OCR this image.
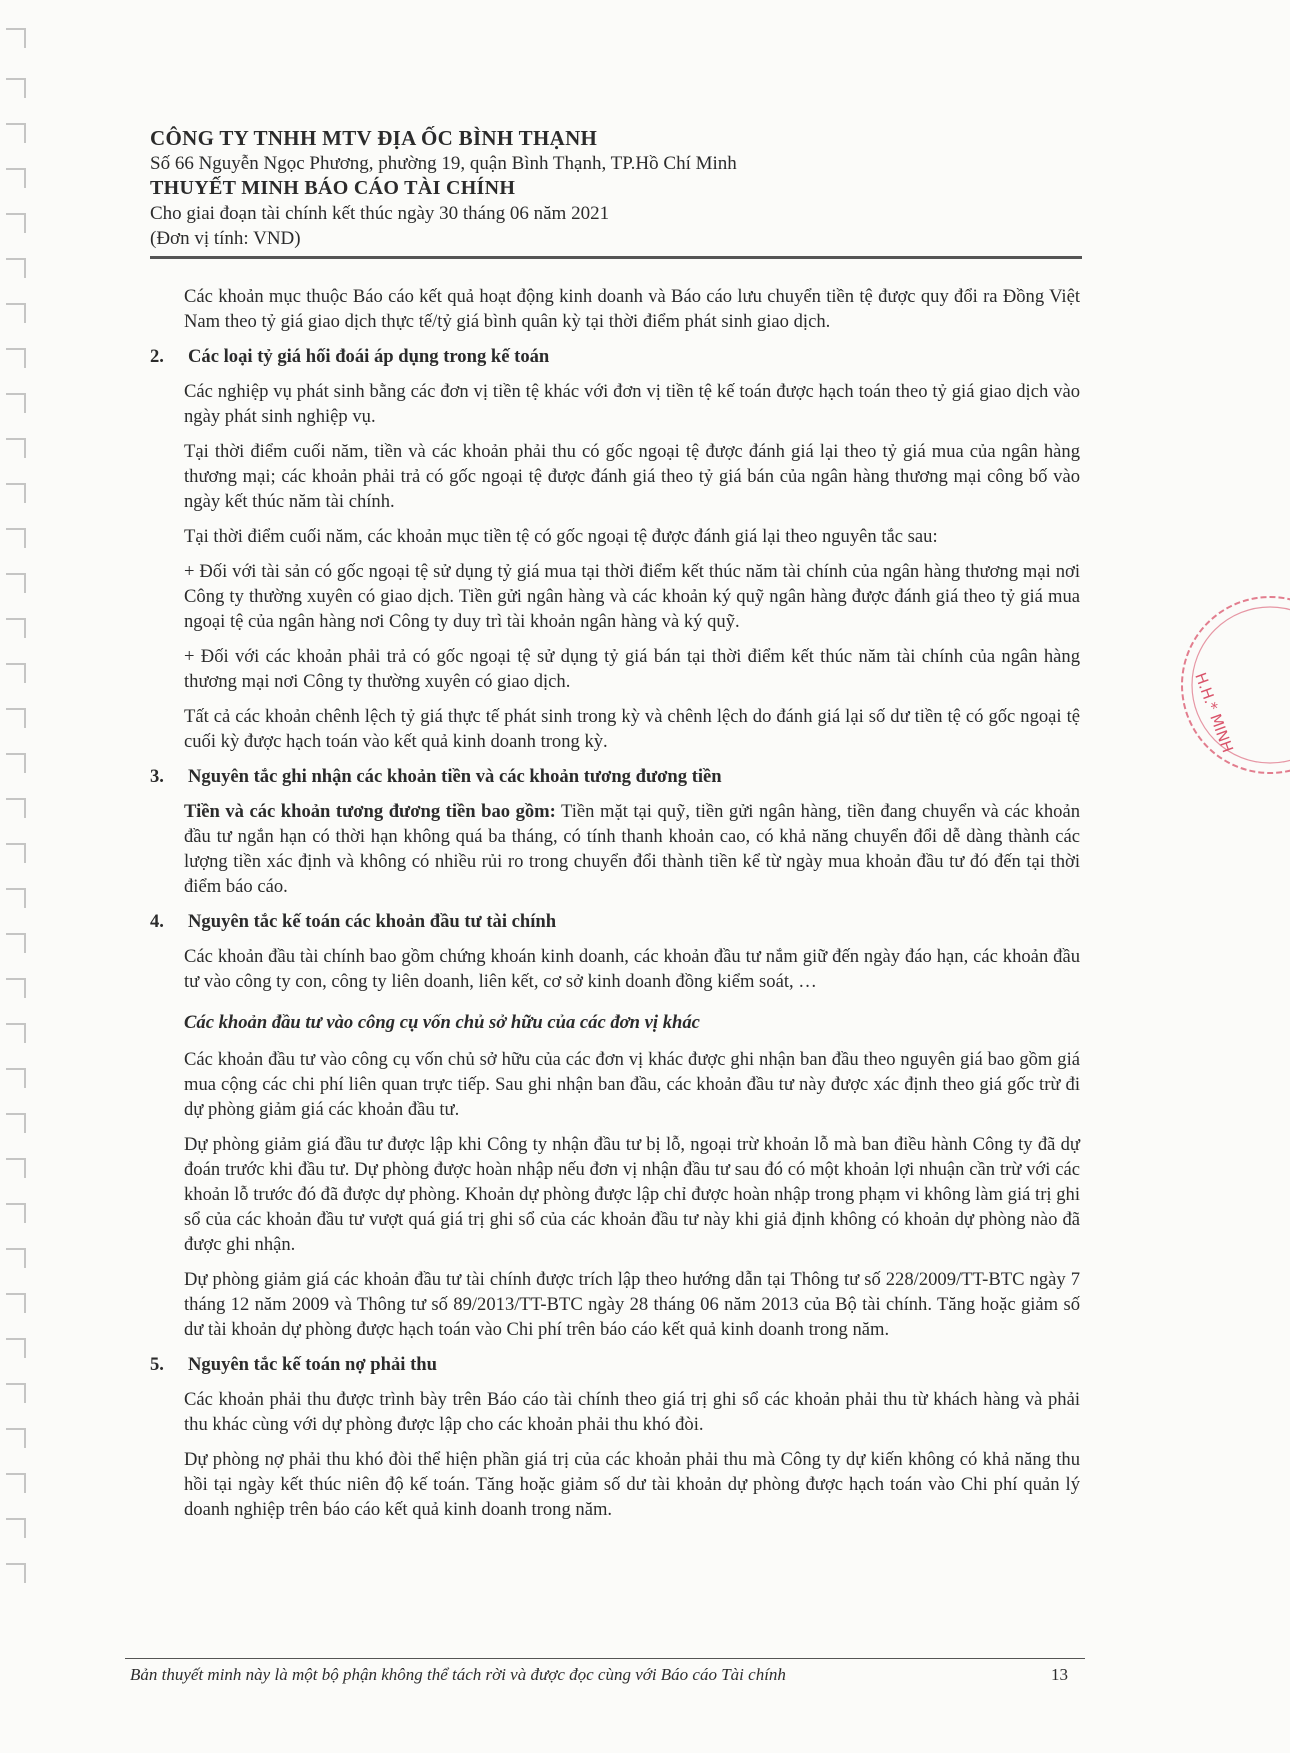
CÔNG TY TNHH MTV ĐỊA ỐC BÌNH THẠNH
Số 66 Nguyễn Ngọc Phương, phường 19, quận Bình Thạnh, TP.Hồ Chí Minh
THUYẾT MINH BÁO CÁO TÀI CHÍNH
Cho giai đoạn tài chính kết thúc ngày 30 tháng 06 năm 2021
(Đơn vị tính: VND)

Các khoản mục thuộc Báo cáo kết quả hoạt động kinh doanh và Báo cáo lưu chuyển tiền tệ được quy đổi ra Đồng Việt Nam theo tỷ giá giao dịch thực tế/tỷ giá bình quân kỳ tại thời điểm phát sinh giao dịch.

2.	Các loại tỷ giá hối đoái áp dụng trong kế toán

Các nghiệp vụ phát sinh bằng các đơn vị tiền tệ khác với đơn vị tiền tệ kế toán được hạch toán theo tỷ giá giao dịch vào ngày phát sinh nghiệp vụ.

Tại thời điểm cuối năm, tiền và các khoản phải thu có gốc ngoại tệ được đánh giá lại theo tỷ giá mua của ngân hàng thương mại; các khoản phải trả có gốc ngoại tệ được đánh giá theo tỷ giá bán của ngân hàng thương mại công bố vào ngày kết thúc năm tài chính.

Tại thời điểm cuối năm, các khoản mục tiền tệ có gốc ngoại tệ được đánh giá lại theo nguyên tắc sau:

+ Đối với tài sản có gốc ngoại tệ sử dụng tỷ giá mua tại thời điểm kết thúc năm tài chính của ngân hàng thương mại nơi Công ty thường xuyên có giao dịch. Tiền gửi ngân hàng và các khoản ký quỹ ngân hàng được đánh giá theo tỷ giá mua ngoại tệ của ngân hàng nơi Công ty duy trì tài khoản ngân hàng và ký quỹ.

+ Đối với các khoản phải trả có gốc ngoại tệ sử dụng tỷ giá bán tại thời điểm kết thúc năm tài chính của ngân hàng thương mại nơi Công ty thường xuyên có giao dịch.

Tất cả các khoản chênh lệch tỷ giá thực tế phát sinh trong kỳ và chênh lệch do đánh giá lại số dư tiền tệ có gốc ngoại tệ cuối kỳ được hạch toán vào kết quả kinh doanh trong kỳ.

3.	Nguyên tắc ghi nhận các khoản tiền và các khoản tương đương tiền

Tiền và các khoản tương đương tiền bao gồm: Tiền mặt tại quỹ, tiền gửi ngân hàng, tiền đang chuyển và các khoản đầu tư ngắn hạn có thời hạn không quá ba tháng, có tính thanh khoản cao, có khả năng chuyển đổi dễ dàng thành các lượng tiền xác định và không có nhiều rủi ro trong chuyển đổi thành tiền kể từ ngày mua khoản đầu tư đó đến tại thời điểm báo cáo.

4.	Nguyên tắc kế toán các khoản đầu tư tài chính

Các khoản đầu tài chính bao gồm chứng khoán kinh doanh, các khoản đầu tư nắm giữ đến ngày đáo hạn, các khoản đầu tư vào công ty con, công ty liên doanh, liên kết, cơ sở kinh doanh đồng kiểm soát, …

Các khoản đầu tư vào công cụ vốn chủ sở hữu của các đơn vị khác

Các khoản đầu tư vào công cụ vốn chủ sở hữu của các đơn vị khác được ghi nhận ban đầu theo nguyên giá bao gồm giá mua cộng các chi phí liên quan trực tiếp. Sau ghi nhận ban đầu, các khoản đầu tư này được xác định theo giá gốc trừ đi dự phòng giảm giá các khoản đầu tư.

Dự phòng giảm giá đầu tư được lập khi Công ty nhận đầu tư bị lỗ, ngoại trừ khoản lỗ mà ban điều hành Công ty đã dự đoán trước khi đầu tư. Dự phòng được hoàn nhập nếu đơn vị nhận đầu tư sau đó có một khoản lợi nhuận cần trừ với các khoản lỗ trước đó đã được dự phòng. Khoản dự phòng được lập chỉ được hoàn nhập trong phạm vi không làm giá trị ghi sổ của các khoản đầu tư vượt quá giá trị ghi sổ của các khoản đầu tư này khi giả định không có khoản dự phòng nào đã được ghi nhận.

Dự phòng giảm giá các khoản đầu tư tài chính được trích lập theo hướng dẫn tại Thông tư số 228/2009/TT-BTC ngày 7 tháng 12 năm 2009 và Thông tư số 89/2013/TT-BTC ngày 28 tháng 06 năm 2013 của Bộ tài chính. Tăng hoặc giảm số dư tài khoản dự phòng được hạch toán vào Chi phí trên báo cáo kết quả kinh doanh trong năm.

5.	Nguyên tắc kế toán nợ phải thu

Các khoản phải thu được trình bày trên Báo cáo tài chính theo giá trị ghi sổ các khoản phải thu từ khách hàng và phải thu khác cùng với dự phòng được lập cho các khoản phải thu khó đòi.

Dự phòng nợ phải thu khó đòi thể hiện phần giá trị của các khoản phải thu mà Công ty dự kiến không có khả năng thu hồi tại ngày kết thúc niên độ kế toán. Tăng hoặc giảm số dư tài khoản dự phòng được hạch toán vào Chi phí quản lý doanh nghiệp trên báo cáo kết quả kinh doanh trong năm.

H.H.* MINH
Bản thuyết minh này là một bộ phận không thể tách rời và được đọc cùng với Báo cáo Tài chính	13
